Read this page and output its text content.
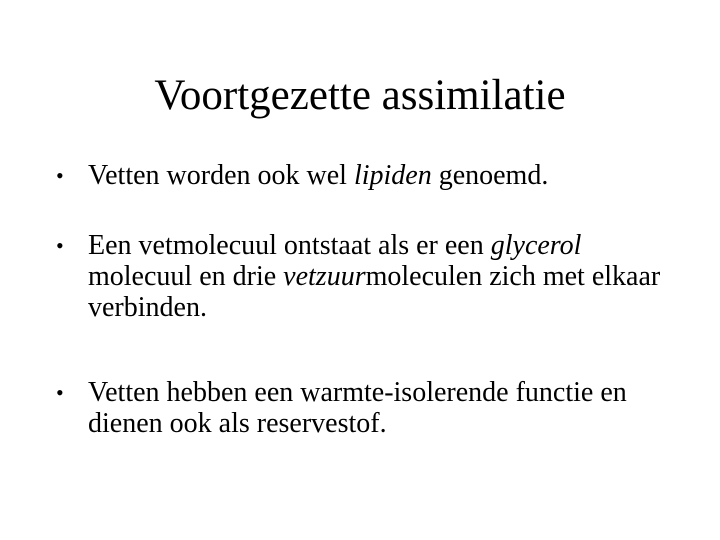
Voortgezette assimilatie
• Vetten worden ook wel lipiden genoemd.
• Een vetmolecuul ontstaat als er een glycerol molecuul en drie vetzuurmoleculen zich met elkaar verbinden.
• Vetten hebben een warmte-isolerende functie en dienen ook als reservestof.
